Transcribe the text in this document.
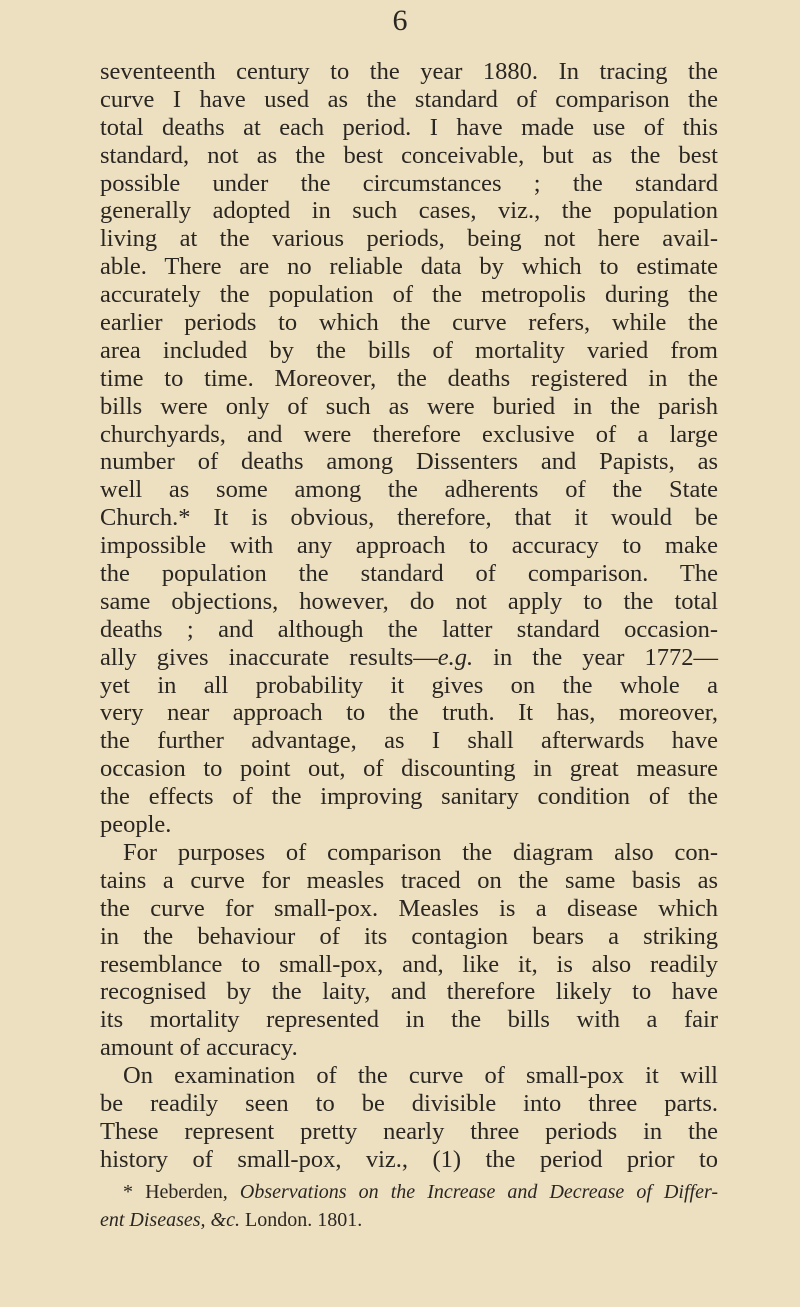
6
seventeenth century to the year 1880. In tracing the
curve I have used as the standard of comparison the
total deaths at each period. I have made use of this
standard, not as the best conceivable, but as the best
possible under the circumstances ; the standard
generally adopted in such cases, viz., the population
living at the various periods, being not here avail-
able. There are no reliable data by which to estimate
accurately the population of the metropolis during the
earlier periods to which the curve refers, while the
area included by the bills of mortality varied from
time to time. Moreover, the deaths registered in the
bills were only of such as were buried in the parish
churchyards, and were therefore exclusive of a large
number of deaths among Dissenters and Papists, as
well as some among the adherents of the State
Church.* It is obvious, therefore, that it would be
impossible with any approach to accuracy to make
the population the standard of comparison. The
same objections, however, do not apply to the total
deaths ; and although the latter standard occasion-
ally gives inaccurate results—e.g. in the year 1772—
yet in all probability it gives on the whole a
very near approach to the truth. It has, moreover,
the further advantage, as I shall afterwards have
occasion to point out, of discounting in great measure
the effects of the improving sanitary condition of the
people.
For purposes of comparison the diagram also con-
tains a curve for measles traced on the same basis as
the curve for small-pox. Measles is a disease which
in the behaviour of its contagion bears a striking
resemblance to small-pox, and, like it, is also readily
recognised by the laity, and therefore likely to have
its mortality represented in the bills with a fair
amount of accuracy.
On examination of the curve of small-pox it will
be readily seen to be divisible into three parts.
These represent pretty nearly three periods in the
history of small-pox, viz., (1) the period prior to
* Heberden, Observations on the Increase and Decrease of Differ-
ent Diseases, &c. London. 1801.
